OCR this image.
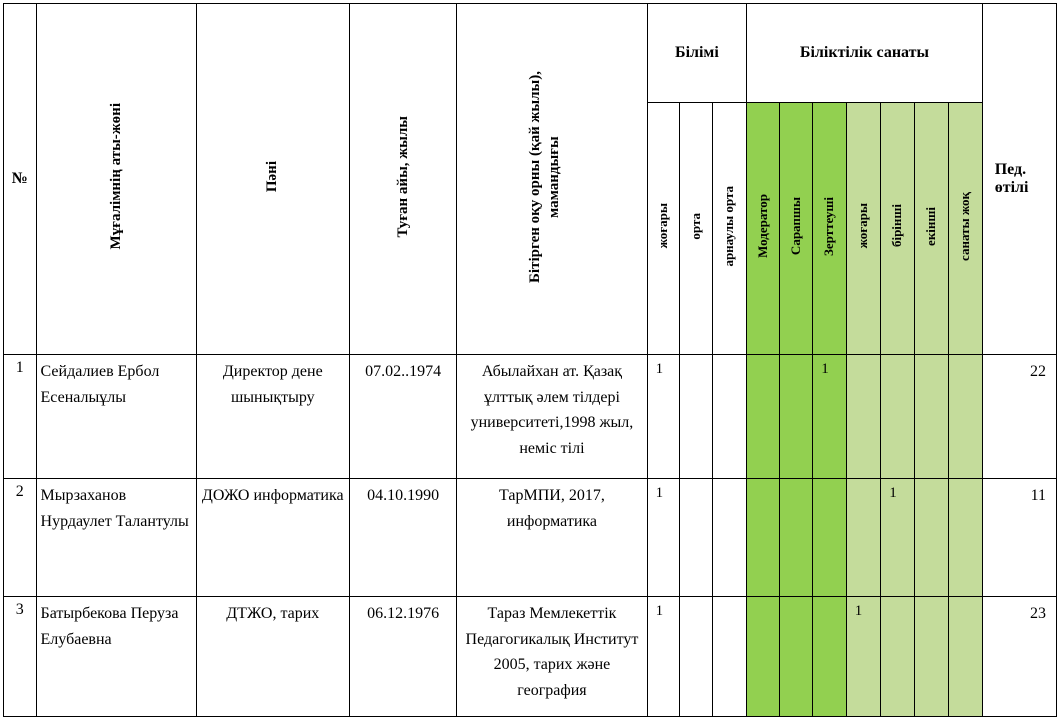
№	Мұғалімнің аты-жөні	Пәні	Туған айы, жылы	Бітірген оқу орны (қай жылы), мамандығы	Білімі			Біліктілік санаты							Пед. өтілі
					жоғары	орта	арнаулы орта	Модератор	Сарапшы	Зерттеуші	жоғары	бірінші	екінші	санаты жоқ	
1	Сейдалиев Ербол Есеналыұлы	Директор дене шынықтыру	07.02..1974	Абылайхан ат. Қазақ ұлттық әлем тілдері университеті,1998 жыл, неміс тілі	1					1					22
2	Мырзаханов Нурдаулет Талантулы	ДОЖО информатика	04.10.1990	ТарМПИ, 2017, информатика	1							1			11
3	Батырбекова Перуза Елубаевна	ДТЖО, тарих	06.12.1976	Тараз Мемлекеттік Педагогикалық Институт 2005, тарих және география	1						1				23
